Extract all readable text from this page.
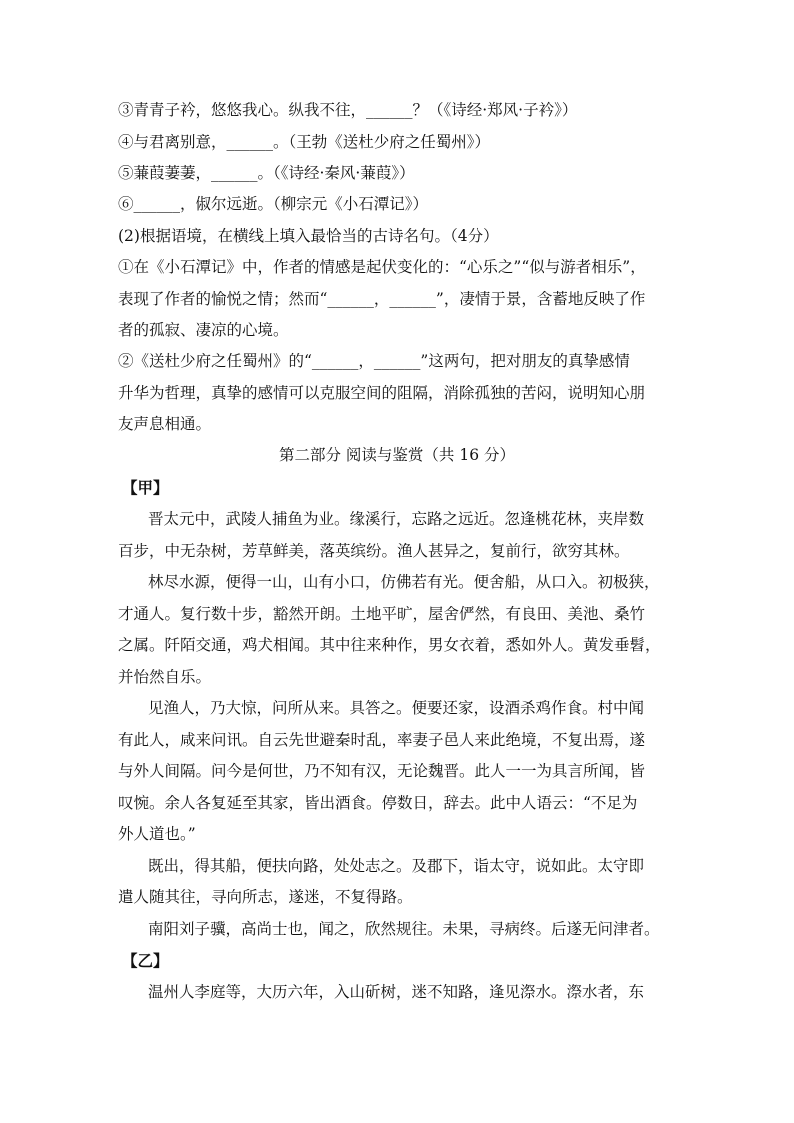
③青青子衿，悠悠我心。纵我不往，______？（《诗经·郑风·子衿》）
④与君离别意，______。（王勃《送杜少府之任蜀州》）
⑤蒹葭萋萋，______。（《诗经·秦风·蒹葭》）
⑥______，俶尔远逝。（柳宗元《小石潭记》）
(2)根据语境，在横线上填入最恰当的古诗名句。（4分）
①在《小石潭记》中，作者的情感是起伏变化的：“心乐之”“似与游者相乐”，
表现了作者的愉悦之情；然而“______，______”，凄情于景，含蓄地反映了作
者的孤寂、凄凉的心境。
②《送杜少府之任蜀州》的“______，______”这两句，把对朋友的真挚感情
升华为哲理，真挚的感情可以克服空间的阻隔，消除孤独的苦闷，说明知心朋
友声息相通。
第二部分 阅读与鉴赏（共 16 分）
【甲】
晋太元中，武陵人捕鱼为业。缘溪行，忘路之远近。忽逢桃花林，夹岸数
百步，中无杂树，芳草鲜美，落英缤纷。渔人甚异之，复前行，欲穷其林。
林尽水源，便得一山，山有小口，仿佛若有光。便舍船，从口入。初极狭，
才通人。复行数十步，豁然开朗。土地平旷，屋舍俨然，有良田、美池、桑竹
之属。阡陌交通，鸡犬相闻。其中往来种作，男女衣着，悉如外人。黄发垂髫，
并怡然自乐。
见渔人，乃大惊，问所从来。具答之。便要还家，设酒杀鸡作食。村中闻
有此人，咸来问讯。自云先世避秦时乱，率妻子邑人来此绝境，不复出焉，遂
与外人间隔。问今是何世，乃不知有汉，无论魏晋。此人一一为具言所闻，皆
叹惋。余人各复延至其家，皆出酒食。停数日，辞去。此中人语云：“不足为
外人道也。”
既出，得其船，便扶向路，处处志之。及郡下，诣太守，说如此。太守即
遣人随其往，寻向所志，遂迷，不复得路。
南阳刘子骥，高尚士也，闻之，欣然规往。未果，寻病终。后遂无问津者。
【乙】
温州人李庭等，大历六年，入山斫树，迷不知路，逢见漈水。漈水者，东
